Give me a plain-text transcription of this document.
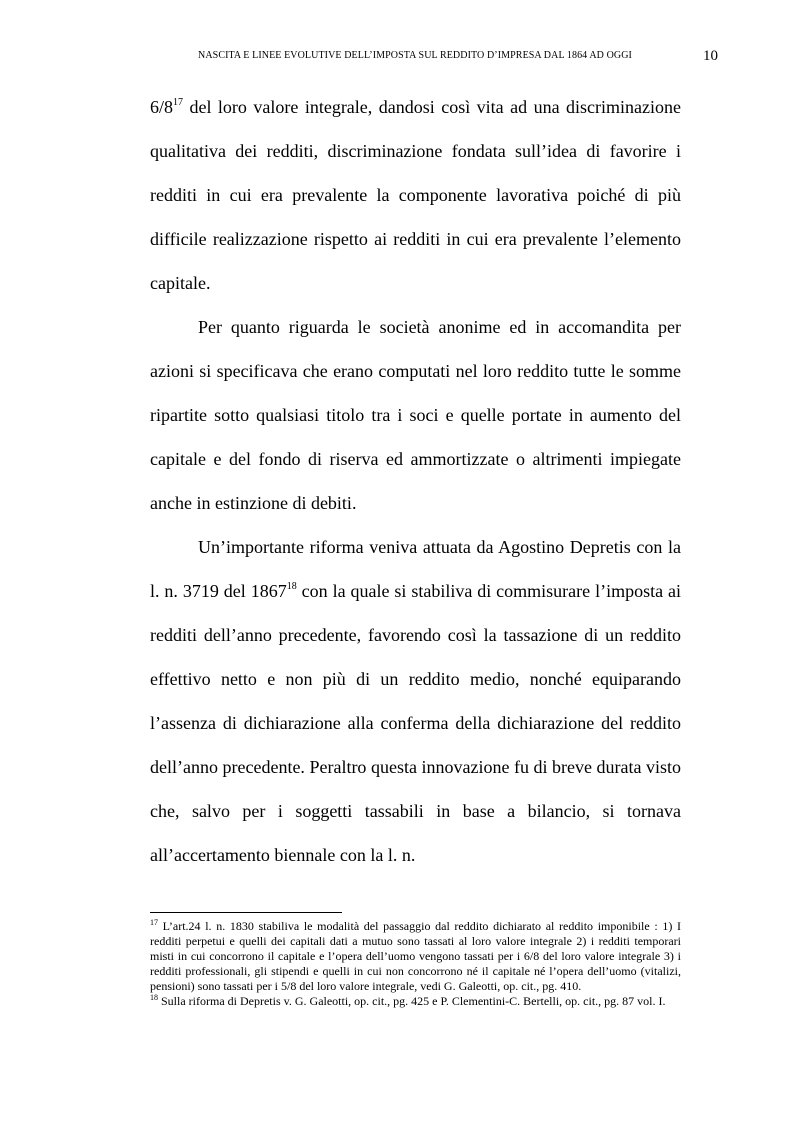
NASCITA E LINEE EVOLUTIVE DELL’IMPOSTA SUL REDDITO D’IMPRESA DAL 1864 AD OGGI	10

$6/8^{17}$ del loro valore integrale, dandosi così vita ad una discriminazione qualitativa dei redditi, discriminazione fondata sull’idea di favorire i redditi in cui era prevalente la componente lavorativa poiché di più difficile realizzazione rispetto ai redditi in cui era prevalente l’elemento capitale.

Per quanto riguarda le società anonime ed in accomandita per azioni si specificava che erano computati nel loro reddito tutte le somme ripartite sotto qualsiasi titolo tra i soci e quelle portate in aumento del capitale e del fondo di riserva ed ammortizzate o altrimenti impiegate anche in estinzione di debiti.

Un’importante riforma veniva attuata da Agostino Depretis con la l. n. 3719 del 1867$^{18}$ con la quale si stabiliva di commisurare l’imposta ai redditi dell’anno precedente, favorendo così la tassazione di un reddito effettivo netto e non più di un reddito medio, nonché equiparando l’assenza di dichiarazione alla conferma della dichiarazione del reddito dell’anno precedente. Peraltro questa innovazione fu di breve durata visto che, salvo per i soggetti tassabili in base a bilancio, si tornava all’accertamento biennale con la l. n.

$^{17}$ L’art.24 l. n. 1830 stabiliva le modalità del passaggio dal reddito dichiarato al reddito imponibile : 1) I redditi perpetui e quelli dei capitali dati a mutuo sono tassati al loro valore integrale 2) i redditi temporari misti in cui concorrono il capitale e l’opera dell’uomo vengono tassati per i 6/8 del loro valore integrale 3) i redditi professionali, gli stipendi e quelli in cui non concorrono né il capitale né l’opera dell’uomo (vitalizi, pensioni) sono tassati per i 5/8 del loro valore integrale, vedi G. Galeotti, op. cit., pg. 410.

$^{18}$ Sulla riforma di Depretis v. G. Galeotti, op. cit., pg. 425 e P. Clementini-C. Bertelli, op. cit., pg. 87 vol. I.
